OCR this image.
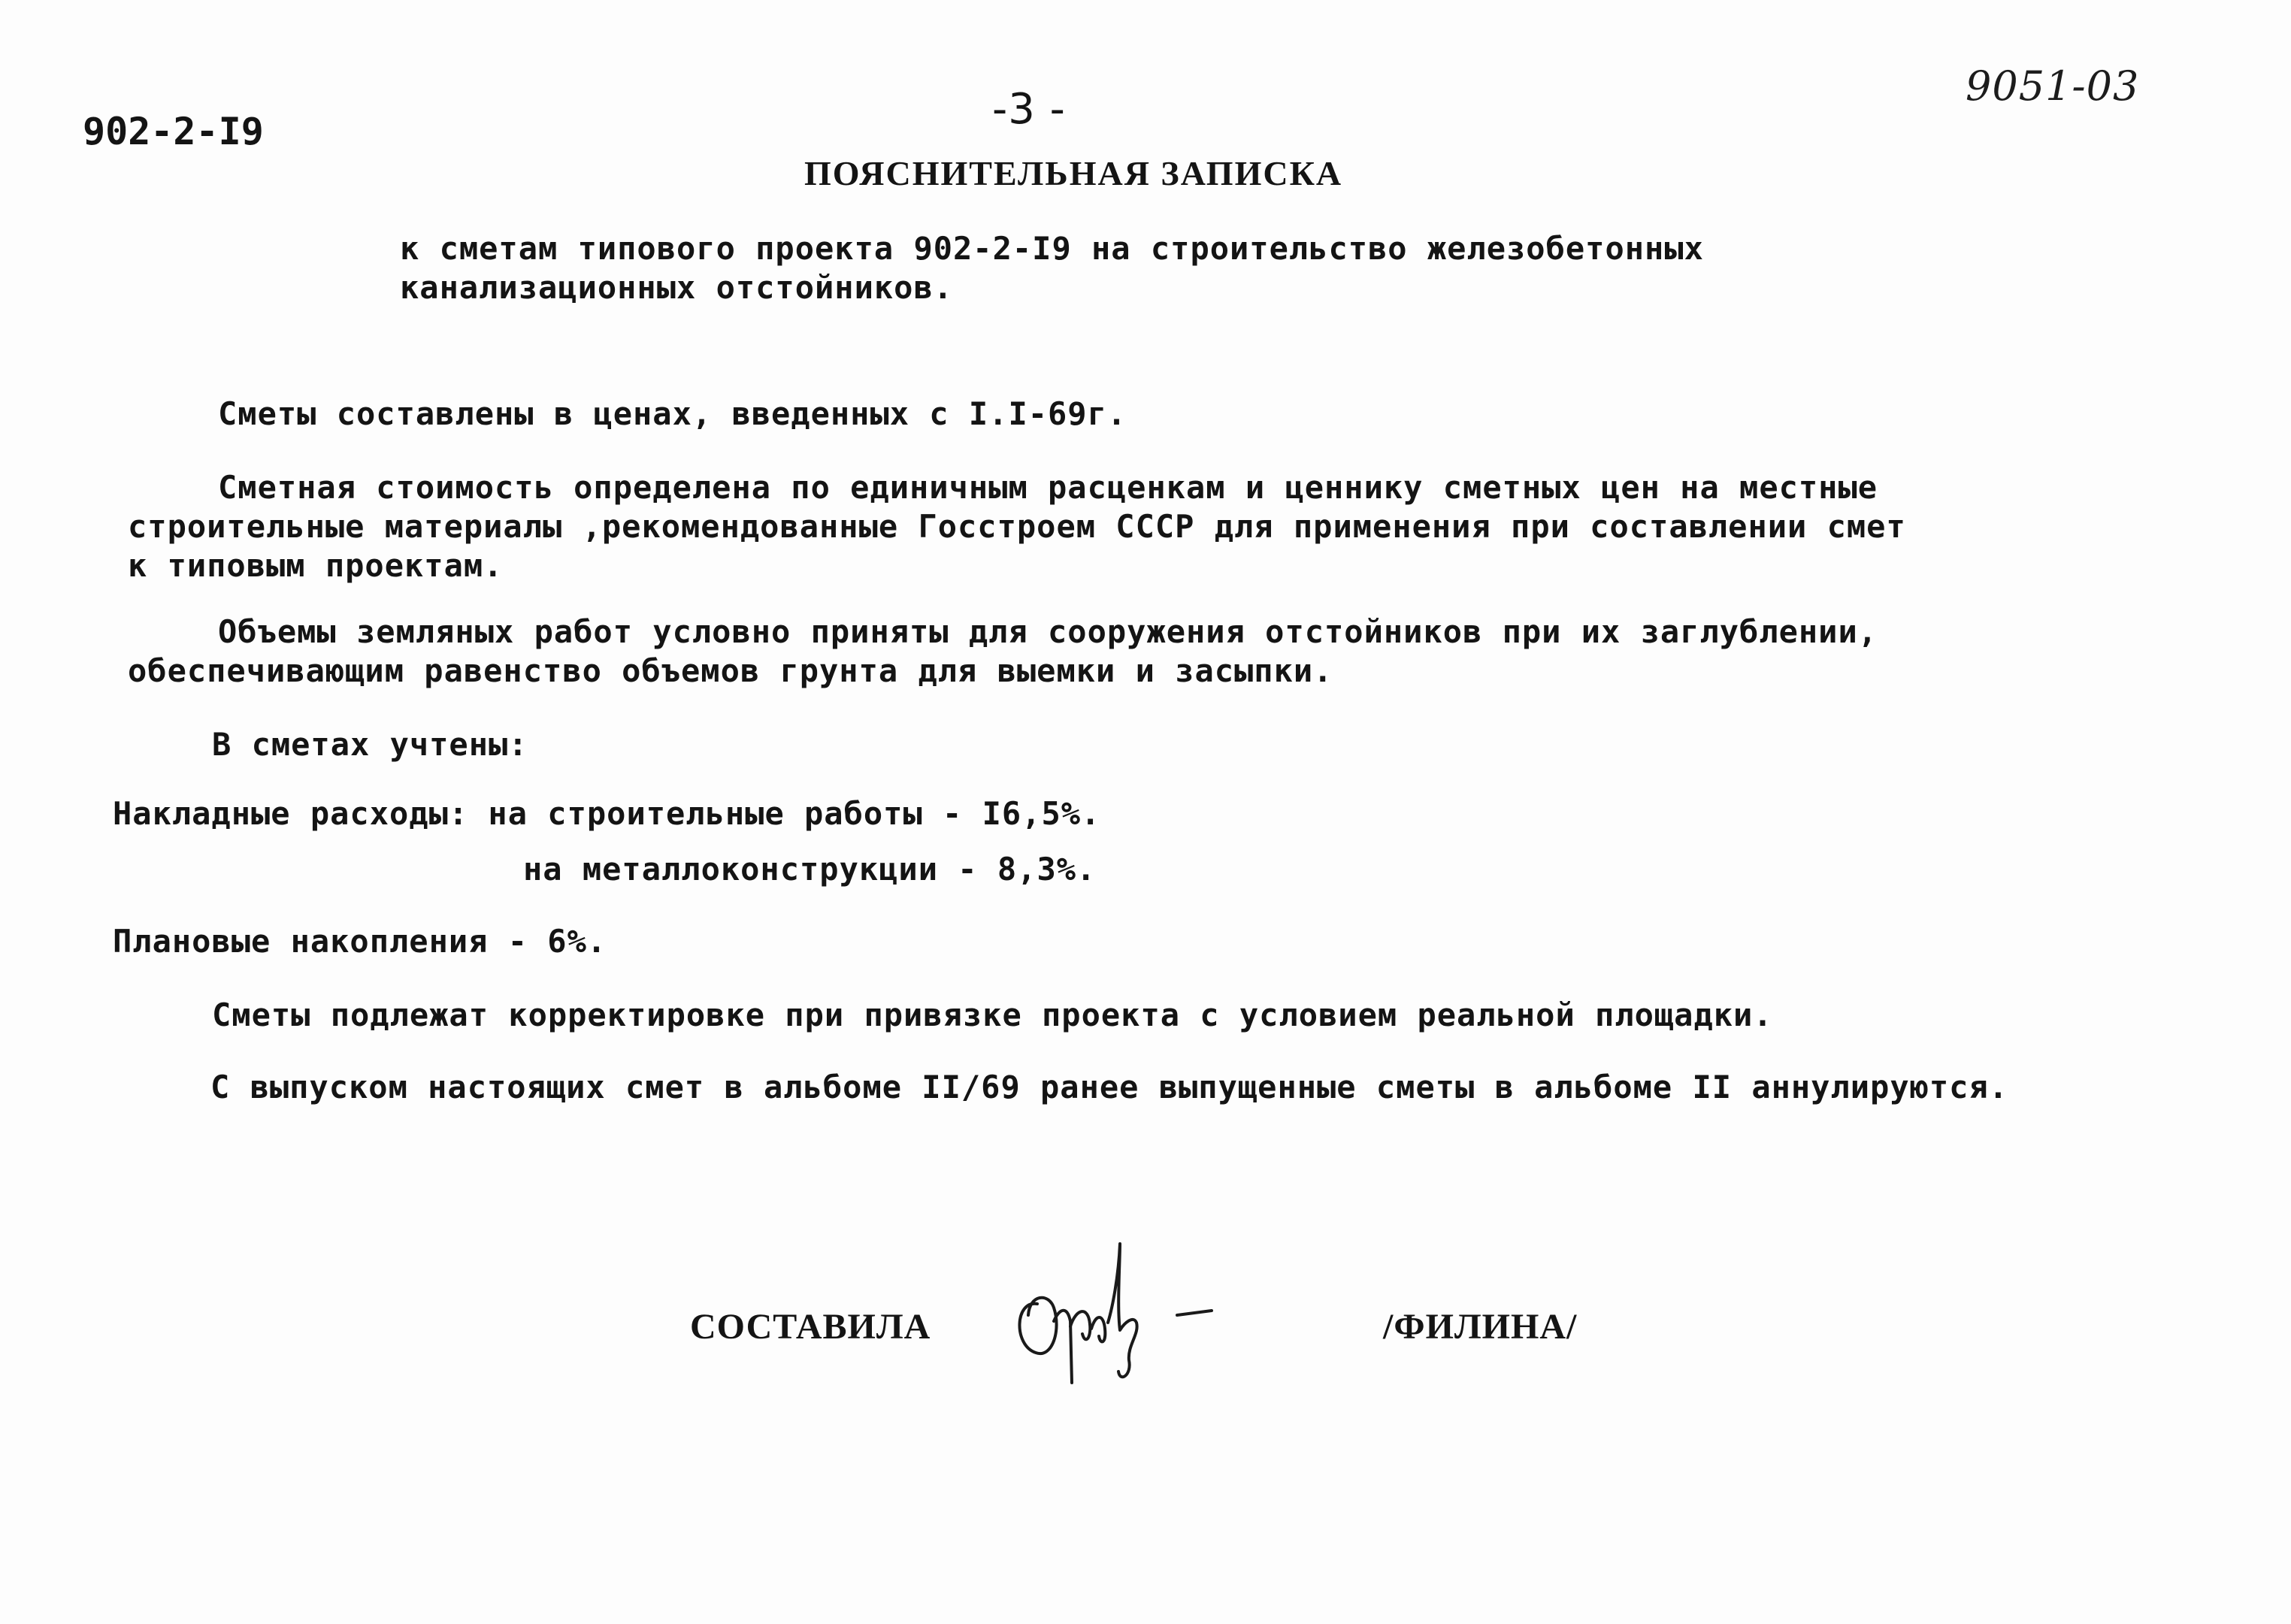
902-2-I9	-3 -	9051-03
ПОЯСНИТЕЛЬНАЯ ЗАПИСКА
к сметам типового проекта 902-2-I9 на строительство железобетонных
канализационных отстойников.
Сметы составлены в ценах, введенных с I.I-69г.
Сметная стоимость определена по единичным расценкам и ценнику сметных цен на местные
строительные материалы ,рекомендованные Госстроем СССР для применения при составлении смет
к типовым проектам.
Объемы земляных работ условно приняты для сооружения отстойников при их заглублении,
обеспечивающим равенство объемов грунта для выемки и засыпки.
В сметах учтены:
Накладные расходы: на строительные работы - I6,5%.
на металлоконструкции - 8,3%.
Плановые накопления - 6%.
Сметы подлежат корректировке при привязке проекта с условием реальной площадки.
С выпуском настоящих смет в альбоме II/69 ранее выпущенные сметы в альбоме II аннулируются.
СОСТАВИЛА	/ФИЛИНА/
